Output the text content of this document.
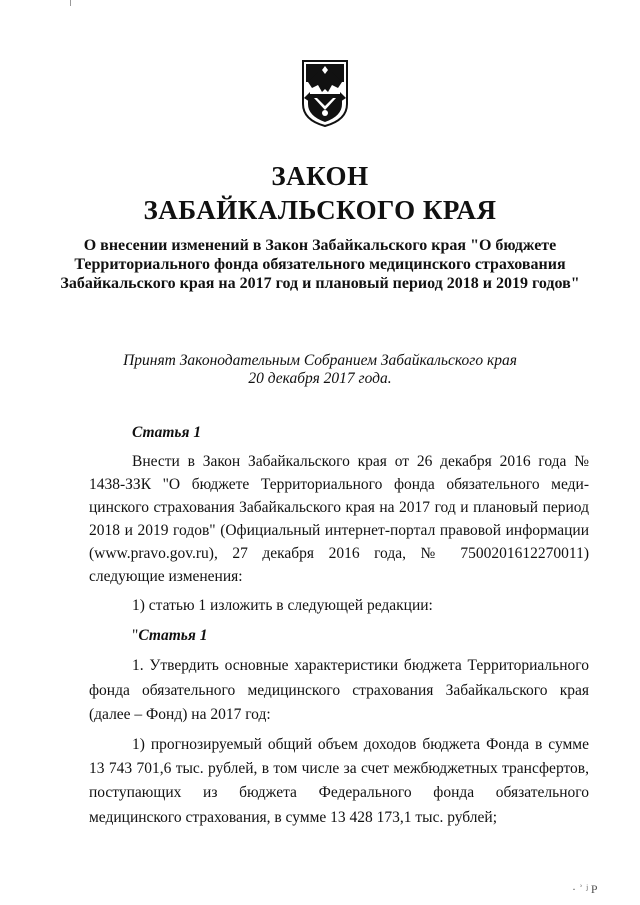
ЗАКОН
ЗАБАЙКАЛЬСКОГО КРАЯ
О внесении изменений в Закон Забайкальского края "О бюджете Территориального фонда обязательного медицинского страхования Забайкальского края на 2017 год и плановый период 2018 и 2019 годов"
Принят Законодательным Собранием Забайкальского края
20 декабря 2017 года.
Статья 1

Внести в Закон Забайкальского края от 26 декабря 2016 года № 1438-ЗЗК "О бюджете Территориального фонда обязательного меди-цинского страхования Забайкальского края на 2017 год и плановый период 2018 и 2019 годов" (Официальный интернет-портал правовой информации (www.pravo.gov.ru), 27 декабря 2016 года, № 7500201612270011) следующие изменения:

1) статью 1 изложить в следующей редакции:

"Статья 1

1. Утвердить основные характеристики бюджета Территориального фонда обязательного медицинского страхования Забайкальского края (далее – Фонд) на 2017 год:

1) прогнозируемый общий объем доходов бюджета Фонда в сумме 13 743 701,6 тыс. рублей, в том числе за счет межбюджетных трансфертов, поступающих из бюджета Федерального фонда обязательного медицинского страхования, в сумме 13 428 173,1 тыс. рублей;

· ʾ ʲ Р
